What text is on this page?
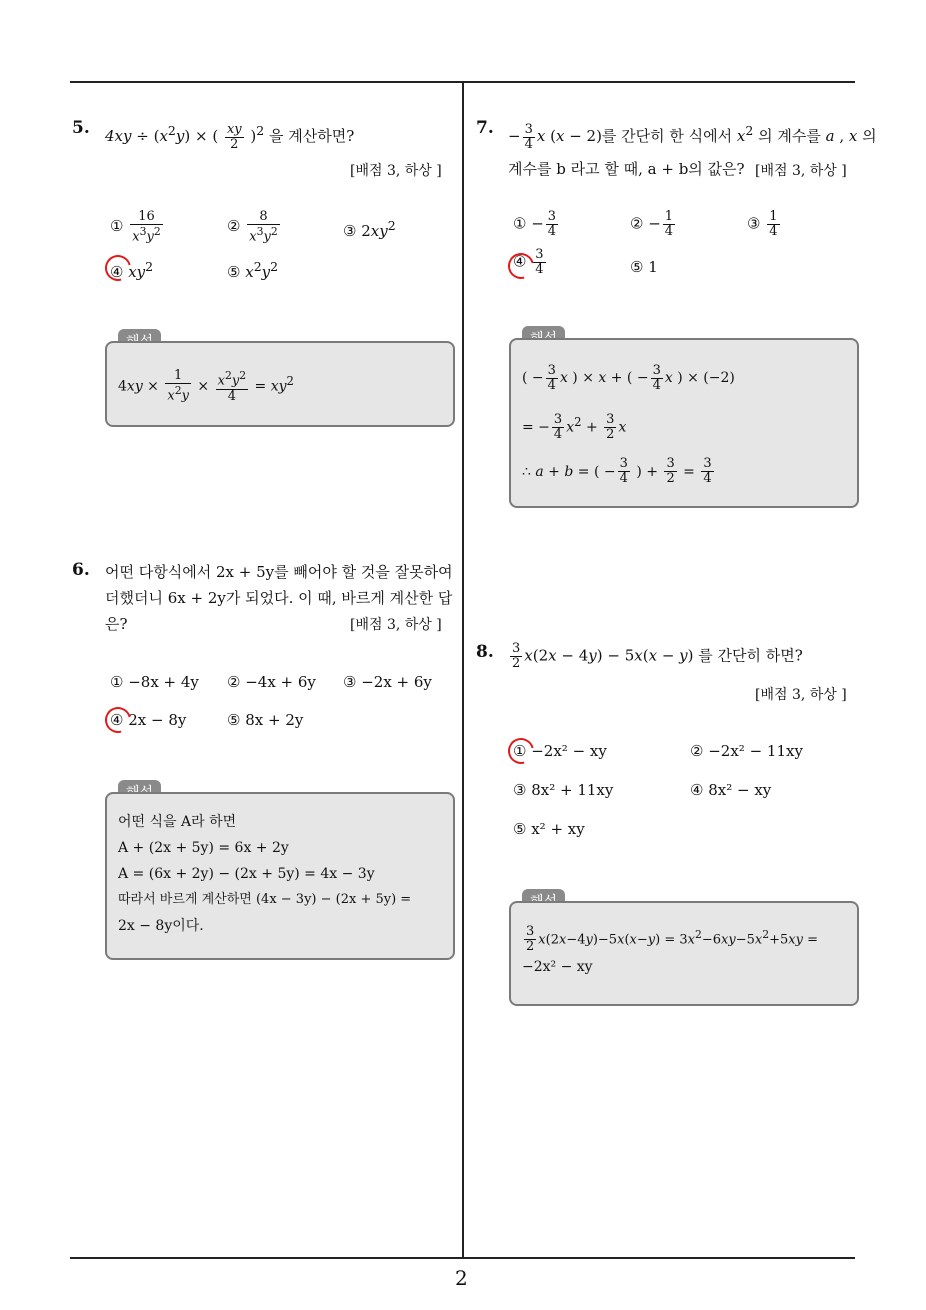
2
5. $4xy \div (x^2y)$ × ( $\frac{xy}{2} )^2$ 을 계산하면?
[배점 3, 하상 ]
① $\frac{16}{x^3y^2}$	② $\frac{8}{x^3y^2}$	③ $2xy^2$
④ $xy^2$	⑤ $x^2y^2$
$4xy \times \frac{1}{x^2y} \times \frac{x^2y^2}{4} = xy^2$
6. 어떤 다항식에서 2x + 5y를 빼어야 할 것을 잘못하여 더했더니 6x + 2y가 되었다. 이 때, 바르게 계산한 답은?	[배점 3, 하상 ]
① −8x + 4y ② −4x + 6y ③ −2x + 6y
④ 2x − 8y	⑤ 8x + 2y
어떤 식을 A라 하면
A + (2x + 5y) = 6x + 2y
A = (6x + 2y) − (2x + 5y) = 4x − 3y
따라서 바르게 계산하면 (4x − 3y) − (2x + 5y) =
2x − 8y이다.
7. − $\frac{3}{4}$ x (x − 2)를 간단히 한 식에서 $x^2$ 의 계수를 a , x 의
계수를 b 라고 할 때, a + b의 값은? [배점 3, 하상 ]
① − $\frac{3}{4}$	② − $\frac{1}{4}$	③ $\frac{1}{4}$
④ $\frac{3}{4}$	⑤ 1
( − $\frac{3}{4}$ x ) × x + ( − $\frac{3}{4}$ x ) × (−2)
= − $\frac{3}{4} x^2 + \frac{3}{2}$ x
∴ a + b = ( − $\frac{3}{4}$ ) + $\frac{3}{2} = \frac{3}{4}$
8. $\frac{3}{2} x(2x - 4y) - 5x(x - y)$ 를 간단히 하면?
[배점 3, 하상 ]
① −2x² − xy	② −2x² − 11xy
③ 8x² + 11xy	④ 8x² − xy
⑤ x² + xy
$\frac{3}{2} x(2x-4y)-5x(x-y) = 3x^2-6xy-5x^2+5xy$ =
−2x² − xy
